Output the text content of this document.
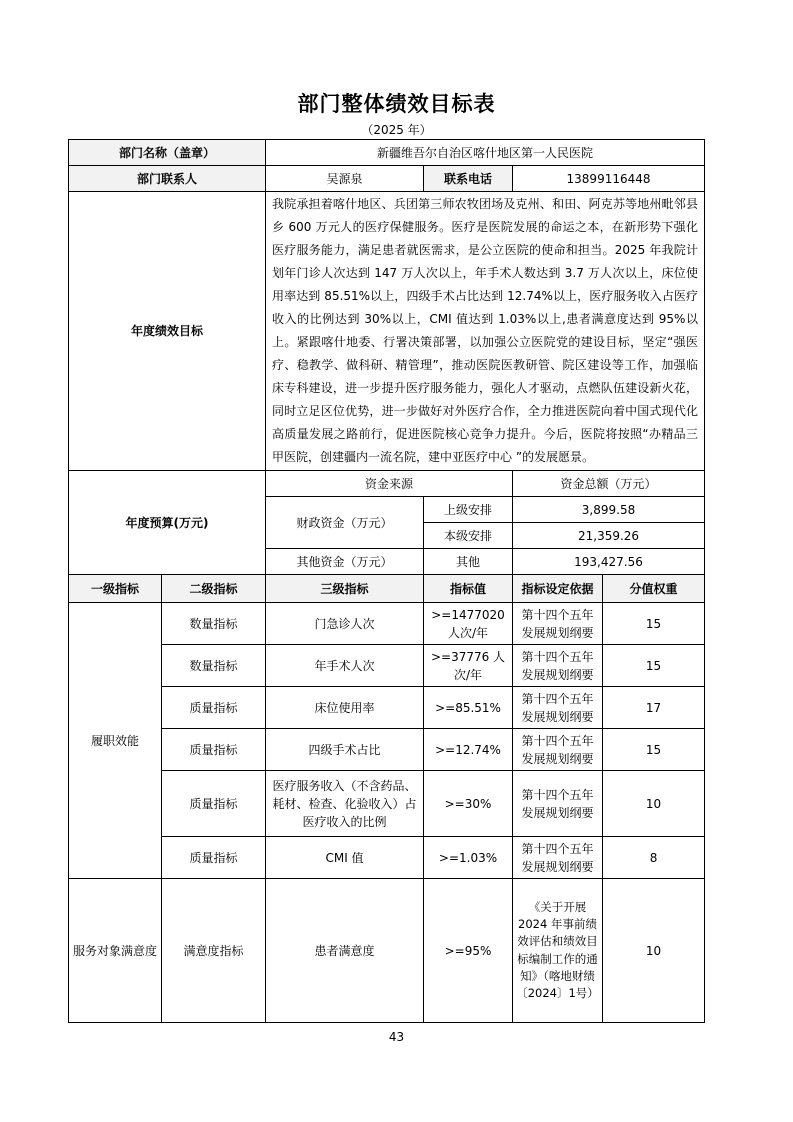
部门整体绩效目标表
（2025 年）
部门名称（盖章）		新疆维吾尔自治区喀什地区第一人民医院			
部门联系人		吴源泉	联系电话	13899116448	
年度绩效目标		我院承担着喀什地区、兵团第三师农牧团场及克州、和田、阿克苏等地州毗邻县乡 600 万元人的医疗保健服务。医疗是医院发展的命运之本，在新形势下强化医疗服务能力，满足患者就医需求，是公立医院的使命和担当。2025 年我院计划年门诊人次达到 147 万人次以上，年手术人数达到 3.7 万人次以上，床位使用率达到 85.51%以上，四级手术占比达到 12.74%以上，医疗服务收入占医疗收入的比例达到 30%以上，CMI 值达到 1.03%以上,患者满意度达到 95%以上。紧跟喀什地委、行署决策部署，以加强公立医院党的建设目标，坚定“强医疗、稳教学、做科研、精管理”，推动医院医教研管、院区建设等工作，加强临床专科建设，进一步提升医疗服务能力，强化人才驱动，点燃队伍建设新火花，同时立足区位优势，进一步做好对外医疗合作，全力推进医院向着中国式现代化高质量发展之路前行，促进医院核心竞争力提升。今后，医院将按照“办精品三甲医院，创建疆内一流名院，建中亚医疗中心 ”的发展愿景。			
年度预算(万元)		资金来源		资金总额（万元）	
		财政资金（万元）	上级安排	3,899.58	
			本级安排	21,359.26	
		其他资金（万元）	其他	193,427.56	
一级指标	二级指标	三级指标	指标值	指标设定依据	分值权重
履职效能	数量指标	门急诊人次	>=1477020 人次/年	第十四个五年发展规划纲要	15
	数量指标	年手术人次	>=37776 人次/年	第十四个五年发展规划纲要	15
	质量指标	床位使用率	>=85.51%	第十四个五年发展规划纲要	17
	质量指标	四级手术占比	>=12.74%	第十四个五年发展规划纲要	15
	质量指标	医疗服务收入（不含药品、耗材、检查、化验收入）占医疗收入的比例	>=30%	第十四个五年发展规划纲要	10
	质量指标	CMI 值	>=1.03%	第十四个五年发展规划纲要	8
服务对象满意度	满意度指标	患者满意度	>=95%	《关于开展 2024 年事前绩效评估和绩效目标编制工作的通知》（喀地财绩〔2024〕1号）	10
43
